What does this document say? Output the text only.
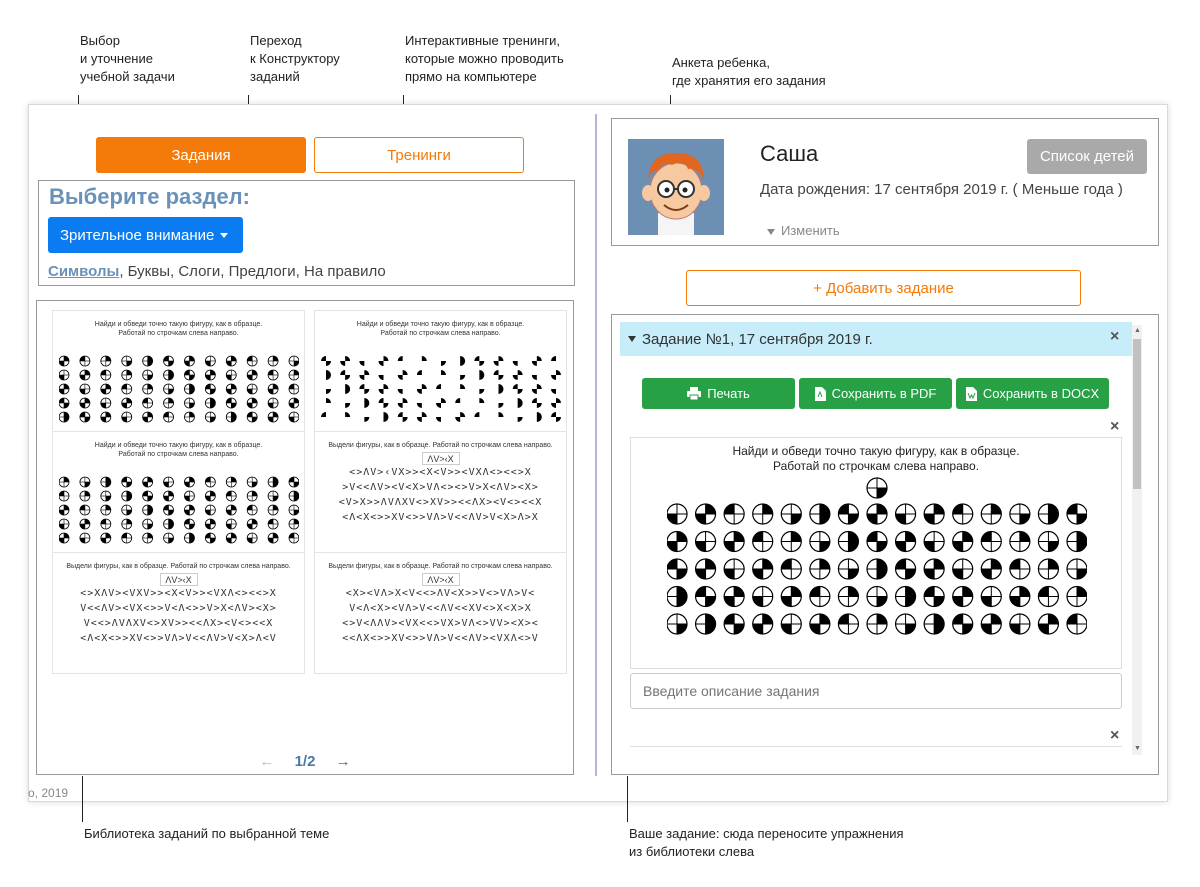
Выбор
и уточнение
учебной задачи
Переход
к Конструктору
заданий
Интерактивные тренинги,
которые можно проводить
прямо на компьютере
Анкета ребенка,
где хранятия его задания
Задания	Тренинги
Выберите раздел:
Зрительное внимание
Символы, Буквы, Слоги, Предлоги, На правило
Найди и обведи точно такую фигуру, как в образце.
Работай по строчкам слева направо.
Найди и обведи точно такую фигуру, как в образце.
Работай по строчкам слева направо.
Найди и обведи точно такую фигуру, как в образце.
Работай по строчкам слева направо.
Выдели фигуры, как в образце. Работай по строчкам слева направо.
ΛV>‹X
<>ΛV>‹VX>><X<V>><VXΛ<><<>X
>V<<ΛV><V<X>VΛ<><>V>X<ΛV><X>
<V>X>>ΛVΛXV<>XV>><<ΛX><V<><<X
<Λ<X<>>XV<>>VΛ>V<<ΛV>V<X>Λ>X
Выдели фигуры, как в образце. Работай по строчкам слева направо.
ΛV>‹X
<>XΛV><VXV>><X<V>><VXΛ<><<>X
V<<ΛV><VX<>>V<Λ<>>V>X<ΛV><X>
V<<>ΛVΛXV<>XV>><<ΛX><V<><<X
<Λ<X<>>XV<>>VΛ>V<<ΛV>V<X>Λ<V
Выдели фигуры, как в образце. Работай по строчкам слева направо.
ΛV>‹X
<X><VΛ>X<V<<>ΛV<X>>V<>VΛ>V<
V<Λ<X><VΛ>V<<ΛV<<XV<>X<X>X
<>V<ΛΛV><VX<<>VX>VΛ<>VV><X><
<<ΛX<>>XV<>>VΛ>V<<ΛV><VXΛ<>V
← 1/2 →
о, 2019
Саша
Дата рождения: 17 сентября 2019 г. ( Меньше года )
Список детей
Изменить
+ Добавить задание
Задание №1, 17 сентября 2019 г.	×
Печать	Сохранить в PDF	Сохранить в DOCX
×
Найди и обведи точно такую фигуру, как в образце.
Работай по строчкам слева направо.
Введите описание задания
×
▲
▼
Библиотека заданий по выбранной теме	Ваше задание: сюда переносите упражнения
из библиотеки слева
